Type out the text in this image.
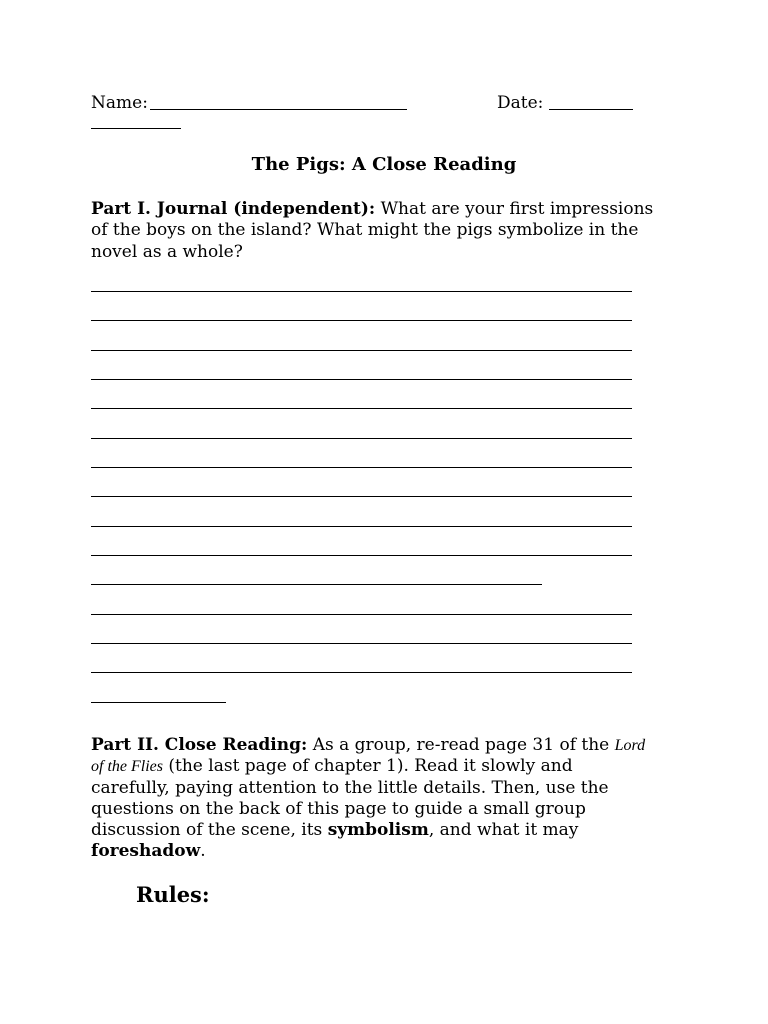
Name:	Date:
The Pigs: A Close Reading
Part I. Journal (independent): What are your first impressions
of the boys on the island? What might the pigs symbolize in the
novel as a whole?
Part II. Close Reading: As a group, re-read page 31 of the Lord
of the Flies (the last page of chapter 1). Read it slowly and
carefully, paying attention to the little details. Then, use the
questions on the back of this page to guide a small group
discussion of the scene, its symbolism, and what it may
foreshadow.
Rules:
